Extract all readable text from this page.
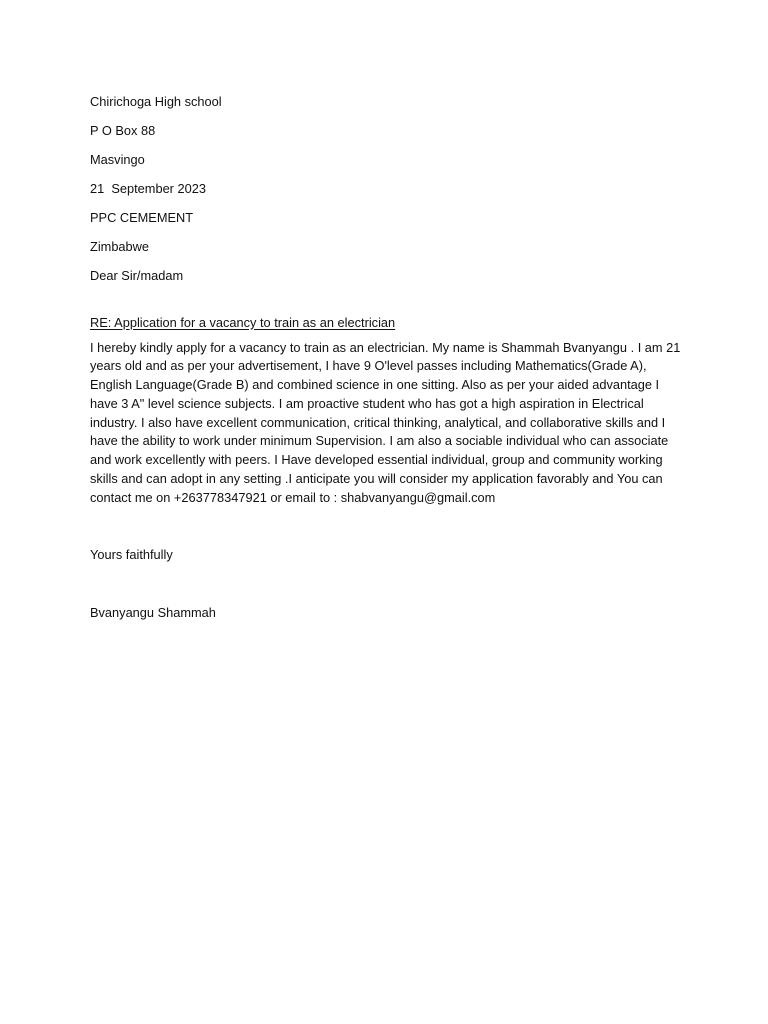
Chirichoga High school
P O Box 88
Masvingo
21  September 2023
PPC CEMEMENT
Zimbabwe
Dear Sir/madam
RE: Application for a vacancy to train as an electrician
I hereby kindly apply for a vacancy to train as an electrician. My name is Shammah Bvanyangu . I am 21 years old and as per your advertisement, I have 9 O'level passes including Mathematics(Grade A), English Language(Grade B) and combined science in one sitting. Also as per your aided advantage I have 3 A" level science subjects. I am proactive student who has got a high aspiration in Electrical industry. I also have excellent communication, critical thinking, analytical, and collaborative skills and I have the ability to work under minimum Supervision. I am also a sociable individual who can associate and work excellently with peers. I Have developed essential individual, group and community working skills and can adopt in any setting .I anticipate you will consider my application favorably and You can contact me on +263778347921 or email to : shabvanyangu@gmail.com
Yours faithfully
Bvanyangu Shammah
